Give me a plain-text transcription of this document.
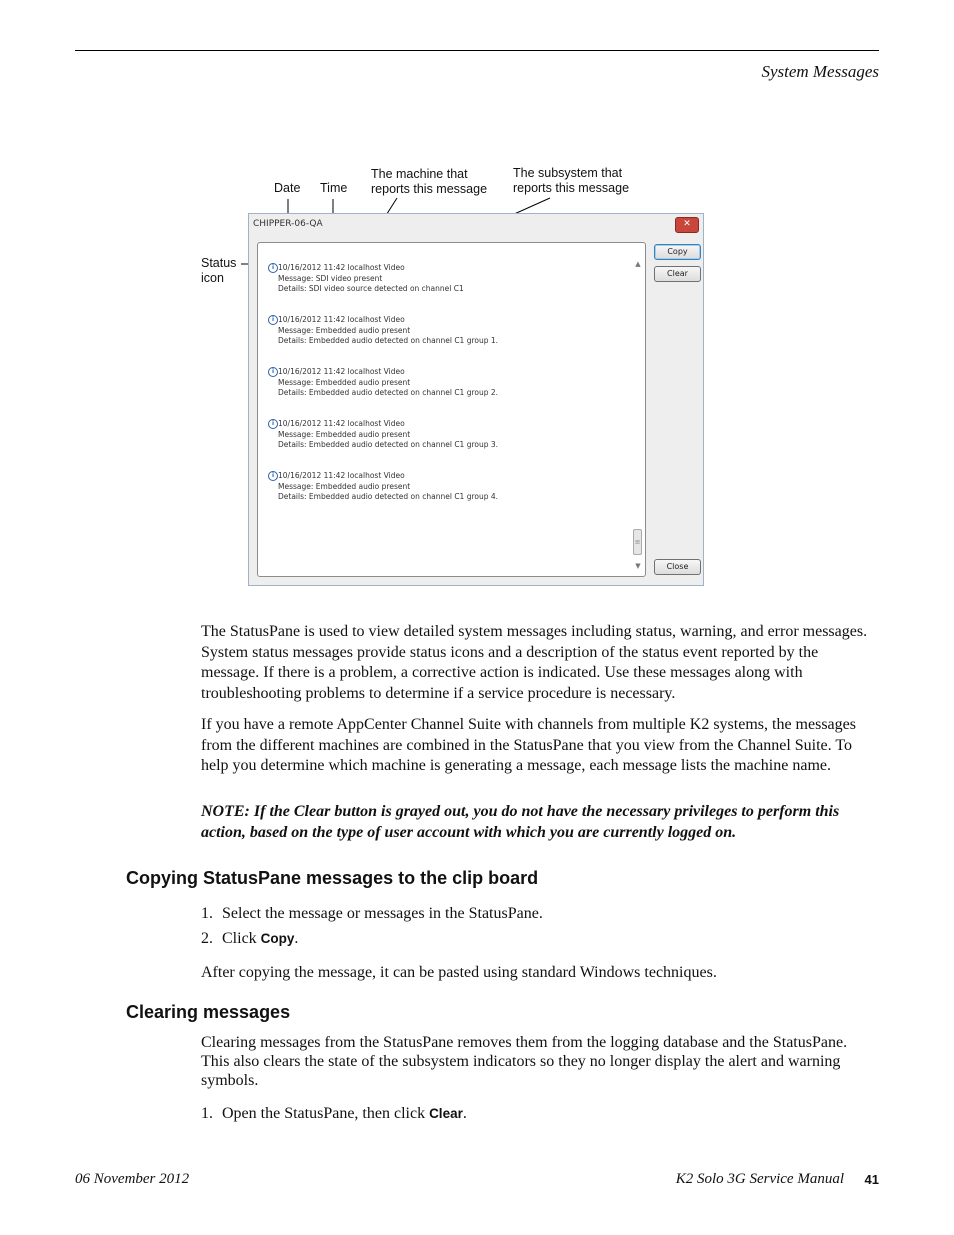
System Messages
Date Time
The machine that
reports this message
The subsystem that
reports this message
Status
icon
CHIPPER-06-QA	✕
i 10/16/2012 11:42 localhost Video
Message: SDI video present
Details: SDI video source detected on channel C1
i 10/16/2012 11:42 localhost Video
Message: Embedded audio present
Details: Embedded audio detected on channel C1 group 1.
i 10/16/2012 11:42 localhost Video
Message: Embedded audio present
Details: Embedded audio detected on channel C1 group 2.
i 10/16/2012 11:42 localhost Video
Message: Embedded audio present
Details: Embedded audio detected on channel C1 group 3.
i 10/16/2012 11:42 localhost Video
Message: Embedded audio present
Details: Embedded audio detected on channel C1 group 4.
▲
≡
▼
Copy
Clear
Close
The StatusPane is used to view detailed system messages including status, warning, and error messages. System status messages provide status icons and a description of the status event reported by the message. If there is a problem, a corrective action is indicated. Use these messages along with troubleshooting problems to determine if a service procedure is necessary.
If you have a remote AppCenter Channel Suite with channels from multiple K2 systems, the messages from the different machines are combined in the StatusPane that you view from the Channel Suite. To help you determine which machine is generating a message, each message lists the machine name.
NOTE: If the Clear button is grayed out, you do not have the necessary privileges to perform this action, based on the type of user account with which you are currently logged on.
Copying StatusPane messages to the clip board
1. Select the message or messages in the StatusPane.
2. Click Copy.
After copying the message, it can be pasted using standard Windows techniques.
Clearing messages
Clearing messages from the StatusPane removes them from the logging database and the StatusPane. This also clears the state of the subsystem indicators so they no longer display the alert and warning symbols.
1. Open the StatusPane, then click Clear.
06 November 2012	K2 Solo 3G Service Manual 41
